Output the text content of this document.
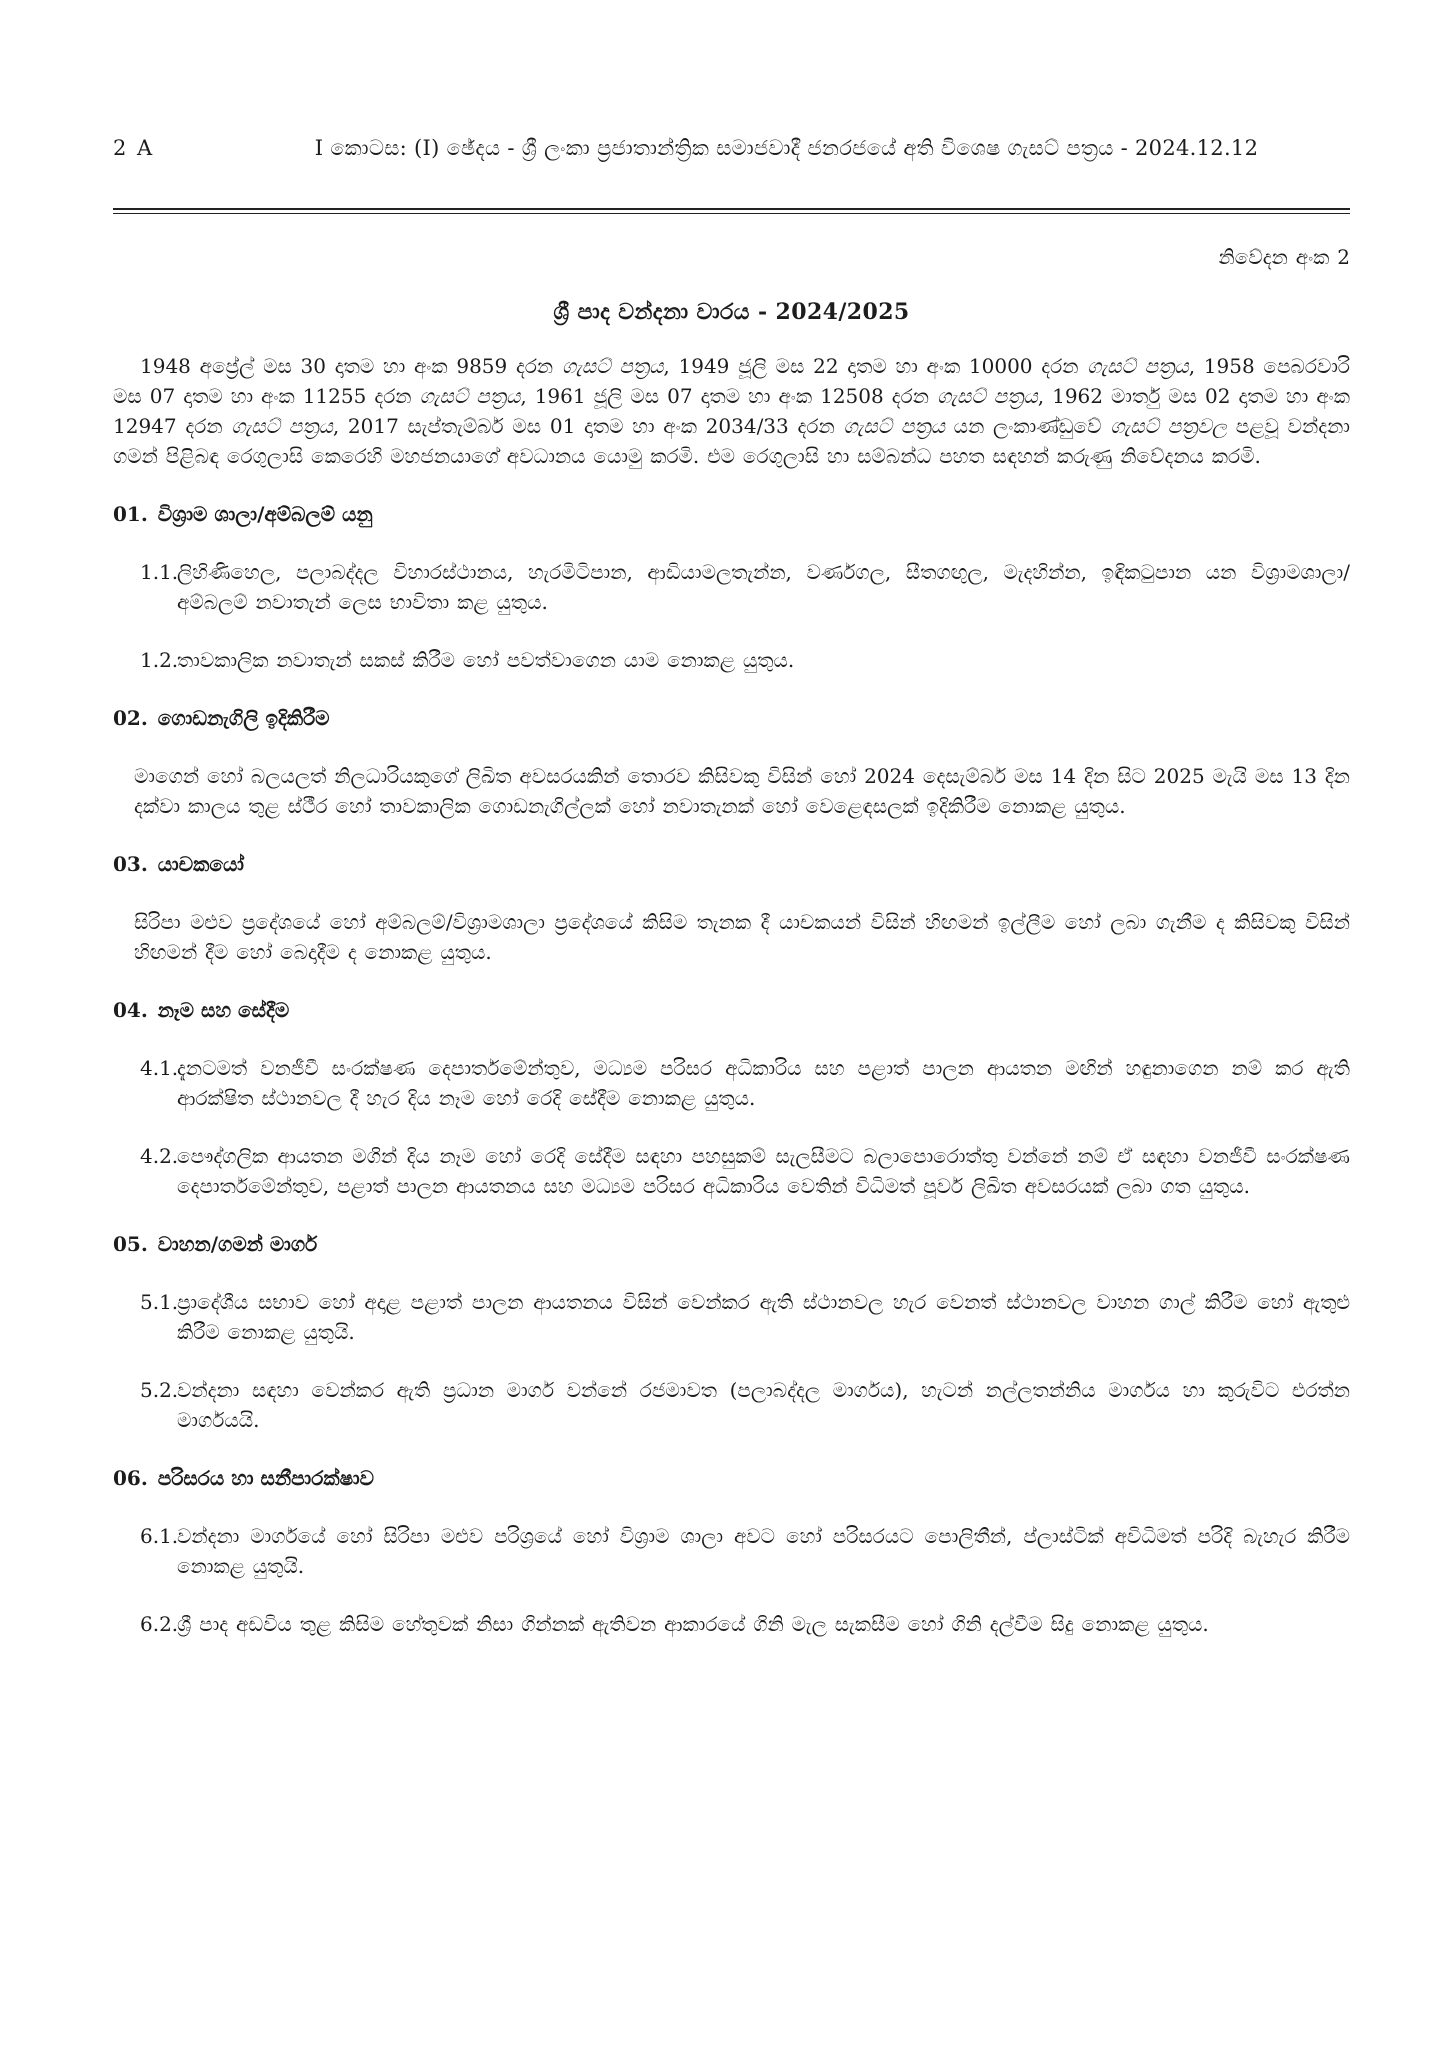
2 A	I කොටස: (I) ඡේදය - ශ්‍රී ලංකා ප්‍රජාතාන්ත්‍රික සමාජවාදී ජනරජයේ අති විශෙෂ ගැසට් පත්‍රය - 2024.12.12
නිවේදන අංක 2
ශ්‍රී පාද වන්දනා වාරය - 2024/2025

1948 අප්‍රේල් මස 30 දාතම හා අංක 9859 දරන ගැසට් පත්‍රය, 1949 ජූලි මස 22 දාතම හා අංක 10000 දරන ගැසට් පත්‍රය, 1958 පෙබරවාරි මස 07 දාතම හා අංක 11255 දරන ගැසට් පත්‍රය, 1961 ජූලි මස 07 දාතම හා අංක 12508 දරන ගැසට් පත්‍රය, 1962 මාර්තු මස 02 දාතම හා අංක 12947 දරන ගැසට් පත්‍රය, 2017 සැප්තැම්බර් මස 01 දාතම හා අංක 2034/33 දරන ගැසට් පත්‍රය යන ලංකාණ්ඩුවේ ගැසට් පත්‍රවල පළවූ වන්දනා ගමන් පිළිබඳ රෙගුලාසි කෙරෙහි මහජනයාගේ අවධානය යොමු කරමි. එම රෙගුලාසි හා සම්බන්ධ පහත සඳහන් කරුණු නිවේදනය කරමි.

01. විශ්‍රාම ශාලා/අම්බලම් යනු
1.1.
ලිහිණිහෙල, පලාබද්දල විහාරස්ථානය, හැරමිටිපාන, ආඩියාමලතැන්න, වර්ණගල, සීතගඟුල, මැදහින්න, ඉඳිකටුපාන යන විශ්‍රාමශාලා/අම්බලම් නවාතැන් ලෙස භාවිතා කළ යුතුය.
1.2.
තාවකාලික නවාතැන් සකස් කිරීම හෝ පවත්වාගෙන යාම නොකළ යුතුය.
02. ගොඩනැගිලි ඉදිකිරීම

මාගෙන් හෝ බලයලත් නිලධාරියකුගේ ලිඛිත අවසරයකින් තොරව කිසිවකු විසින් හෝ 2024 දෙසැම්බර් මස 14 දින සිට 2025 මැයි මස 13 දින දක්වා කාලය තුළ ස්ථීර හෝ තාවකාලික ගොඩනැගිල්ලක් හෝ නවාතැනක් හෝ වෙළෙඳසලක් ඉදිකිරීම නොකළ යුතුය.

03. යාචකයෝ

සිරිපා මළුව ප්‍රදේශයේ හෝ අම්බලම්/විශ්‍රාමශාලා ප්‍රදේශයේ කිසිම තැනක දී යාචකයන් විසින් හිඟමන් ඉල්ලීම හෝ ලබා ගැනීම ද කිසිවකු විසින් හිඟමන් දීම හෝ බෙදාදීම ද නොකළ යුතුය.

04. නෑම සහ සේදීම
4.1.
දැනටමත් වනජීවී සංරක්ෂණ දෙපාර්තමේන්තුව, මධ්‍යම පරිසර අධිකාරිය සහ පළාත් පාලන ආයතන මඟින් හඳුනාගෙන නම් කර ඇති ආරක්ෂිත ස්ථානවල දී හැර දිය නෑම හෝ රෙදි සේදීම නොකළ යුතුය.
4.2.
පෞද්ගලික ආයතන මගින් දිය නෑම හෝ රෙදි සේදීම සඳහා පහසුකම් සැලසීමට බලාපොරොත්තු වන්නේ නම් ඒ සඳහා වනජීවී සංරක්ෂණ දෙපාර්තමේන්තුව, පළාත් පාලන ආයතනය සහ මධ්‍යම පරිසර අධිකාරිය වෙතින් විධිමත් පූර්ව ලිඛිත අවසරයක් ලබා ගත යුතුය.
05. වාහන/ගමන් මාර්ග
5.1.
ප්‍රාදේශීය සභාව හෝ අදාළ පළාත් පාලන ආයතනය විසින් වෙන්කර ඇති ස්ථානවල හැර වෙනත් ස්ථානවල වාහන ගාල් කිරීම හෝ ඇතුළු කිරීම නොකළ යුතුයි.
5.2.
වන්දනා සඳහා වෙන්කර ඇති ප්‍රධාන මාර්ග වන්නේ රජමාවත (පලාබද්දල මාර්ගය), හැටන් නල්ලතන්නිය මාර්ගය හා කුරුවිට එරත්න මාර්ගයයි.
06. පරිසරය හා සනීපාරක්ෂාව
6.1.
වන්දනා මාර්ගයේ හෝ සිරිපා මළුව පරිශ්‍රයේ හෝ විශ්‍රාම ශාලා අවට හෝ පරිසරයට පොලිතීන්, ප්ලාස්ටික් අවිධිමත් පරිදි බැහැර කිරීම නොකළ යුතුයි.
6.2.
ශ්‍රී පාද අඩවිය තුළ කිසිම හේතුවක් නිසා ගින්නක් ඇතිවන ආකාරයේ ගිනි මැල සැකසීම හෝ ගිනි දල්වීම සිදු නොකළ යුතුය.
